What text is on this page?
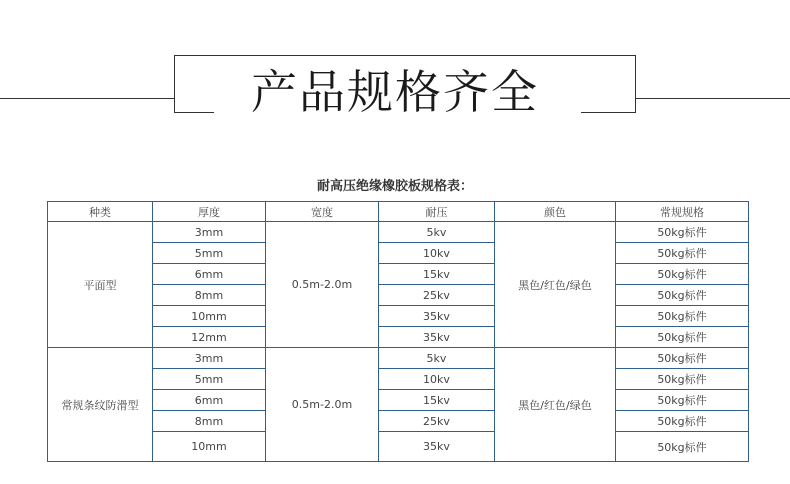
产品规格齐全
耐高压绝缘橡胶板规格表：
种类	厚度	宽度	耐压	颜色	常规规格
平面型	3mm	0.5m-2.0m	5kv	黑色/红色/绿色	50kg标件
	5mm		10kv		50kg标件
	6mm		15kv		50kg标件
	8mm		25kv		50kg标件
	10mm		35kv		50kg标件
	12mm		35kv		50kg标件
常规条纹防滑型	3mm	0.5m-2.0m	5kv	黑色/红色/绿色	50kg标件
	5mm		10kv		50kg标件
	6mm		15kv		50kg标件
	8mm		25kv		50kg标件
	10mm		35kv		50kg标件
